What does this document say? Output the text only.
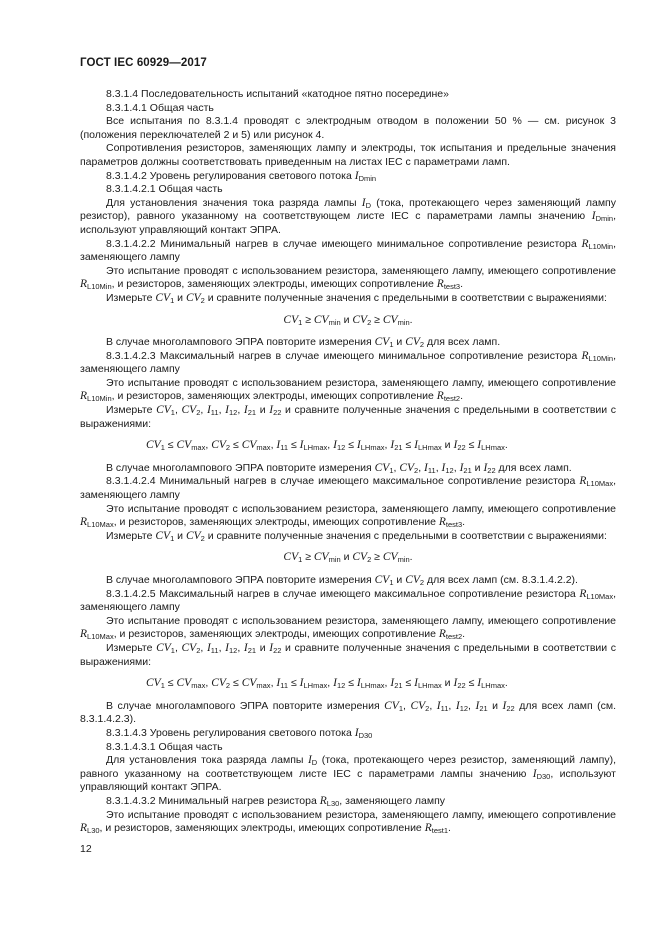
ГОСТ IEC 60929—2017

8.3.1.4 Последовательность испытаний «катодное пятно посередине»

8.3.1.4.1 Общая часть

Все испытания по 8.3.1.4 проводят с электродным отводом в положении 50 % — см. рисунок 3 (положения переключателей 2 и 5) или рисунок 4.

Сопротивления резисторов, заменяющих лампу и электроды, ток испытания и предельные значения параметров должны соответствовать приведенным на листах IEC с параметрами ламп.

8.3.1.4.2 Уровень регулирования светового потока $I_{Dmin}$

8.3.1.4.2.1 Общая часть

Для установления значения тока разряда лампы $I_D$ (тока, протекающего через заменяющий лампу резистор), равного указанному на соответствующем листе IEC с параметрами лампы значению $I_{Dmin}$, используют управляющий контакт ЭПРА.

8.3.1.4.2.2 Минимальный нагрев в случае имеющего минимальное сопротивление резистора $R_{L10Min}$, заменяющего лампу

Это испытание проводят с использованием резистора, заменяющего лампу, имеющего сопротивление $R_{L10Min}$, и резисторов, заменяющих электроды, имеющих сопротивление $R_{test3}$.

Измерьте $CV_1$ и $CV_2$ и сравните полученные значения с предельными в соответствии с выражениями:

$CV_1 \ge CV_{min}$ и $CV_2 \ge CV_{min}$.

В случае многолампового ЭПРА повторите измерения $CV_1$ и $CV_2$ для всех ламп.

8.3.1.4.2.3 Максимальный нагрев в случае имеющего минимальное сопротивление резистора $R_{L10Min}$, заменяющего лампу

Это испытание проводят с использованием резистора, заменяющего лампу, имеющего сопротивление $R_{L10Min}$, и резисторов, заменяющих электроды, имеющих сопротивление $R_{test2}$.

Измерьте $CV_1$, $CV_2$, $I_{11}$, $I_{12}$, $I_{21}$ и $I_{22}$ и сравните полученные значения с предельными в соответствии с выражениями:

$CV_1 \le CV_{max}$, $CV_2 \le CV_{max}$, $I_{11} \le I_{LHmax}$, $I_{12} \le I_{LHmax}$, $I_{21} \le I_{LHmax}$ и $I_{22} \le I_{LHmax}$.

В случае многолампового ЭПРА повторите измерения $CV_1$, $CV_2$, $I_{11}$, $I_{12}$, $I_{21}$ и $I_{22}$ для всех ламп.

8.3.1.4.2.4 Минимальный нагрев в случае имеющего максимальное сопротивление резистора $R_{L10Max}$, заменяющего лампу

Это испытание проводят с использованием резистора, заменяющего лампу, имеющего сопротивление $R_{L10Max}$, и резисторов, заменяющих электроды, имеющих сопротивление $R_{test3}$.

Измерьте $CV_1$ и $CV_2$ и сравните полученные значения с предельными в соответствии с выражениями:

$CV_1 \ge CV_{min}$ и $CV_2 \ge CV_{min}$.

В случае многолампового ЭПРА повторите измерения $CV_1$ и $CV_2$ для всех ламп (см. 8.3.1.4.2.2).

8.3.1.4.2.5 Максимальный нагрев в случае имеющего максимальное сопротивление резистора $R_{L10Max}$, заменяющего лампу

Это испытание проводят с использованием резистора, заменяющего лампу, имеющего сопротивление $R_{L10Max}$, и резисторов, заменяющих электроды, имеющих сопротивление $R_{test2}$.

Измерьте $CV_1$, $CV_2$, $I_{11}$, $I_{12}$, $I_{21}$ и $I_{22}$ и сравните полученные значения с предельными в соответствии с выражениями:

$CV_1 \le CV_{max}$, $CV_2 \le CV_{max}$, $I_{11} \le I_{LHmax}$, $I_{12} \le I_{LHmax}$, $I_{21} \le I_{LHmax}$ и $I_{22} \le I_{LHmax}$.

В случае многолампового ЭПРА повторите измерения $CV_1$, $CV_2$, $I_{11}$, $I_{12}$, $I_{21}$ и $I_{22}$ для всех ламп (см. 8.3.1.4.2.3).

8.3.1.4.3 Уровень регулирования светового потока $I_{D30}$

8.3.1.4.3.1 Общая часть

Для установления тока разряда лампы $I_D$ (тока, протекающего через резистор, заменяющий лампу), равного указанному на соответствующем листе IEC с параметрами лампы значению $I_{D30}$, используют управляющий контакт ЭПРА.

8.3.1.4.3.2 Минимальный нагрев резистора $R_{L30}$, заменяющего лампу

Это испытание проводят с использованием резистора, заменяющего лампу, имеющего сопротивление $R_{L30}$, и резисторов, заменяющих электроды, имеющих сопротивление $R_{test1}$.

12
